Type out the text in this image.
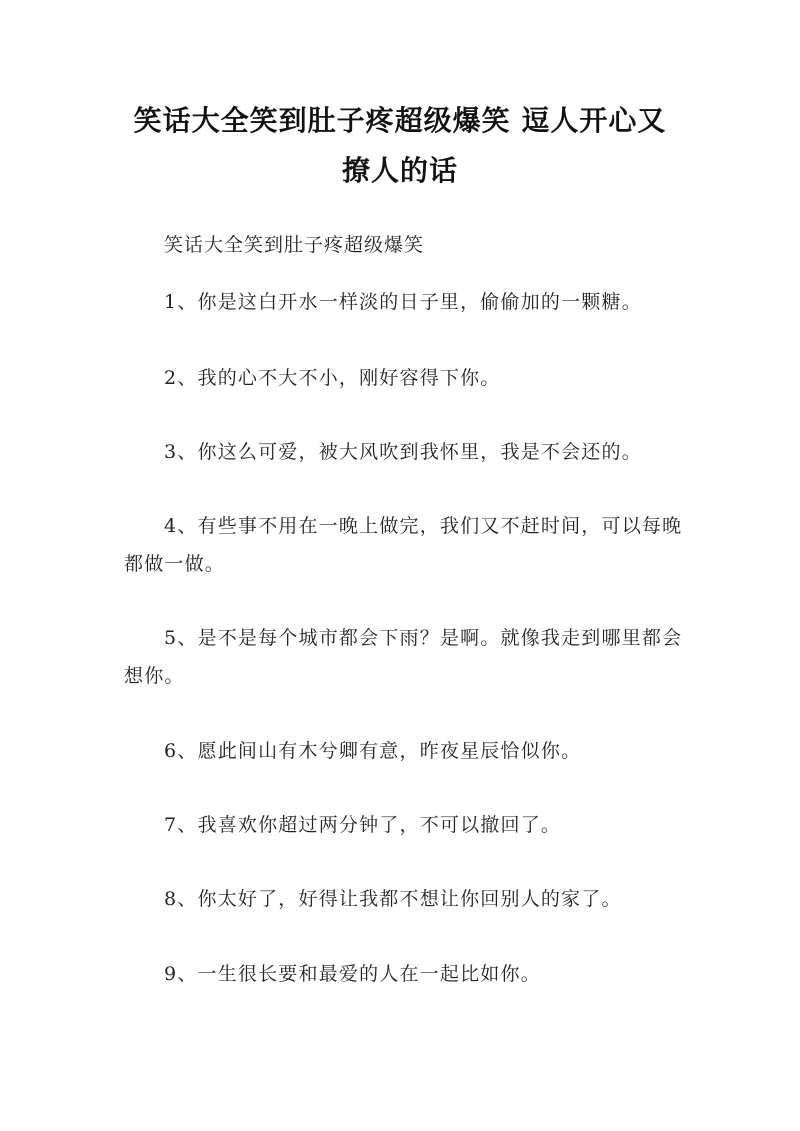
笑话大全笑到肚子疼超级爆笑 逗人开心又撩人的话
笑话大全笑到肚子疼超级爆笑

1、你是这白开水一样淡的日子里，偷偷加的一颗糖。

2、我的心不大不小，刚好容得下你。

3、你这么可爱，被大风吹到我怀里，我是不会还的。

4、有些事不用在一晚上做完，我们又不赶时间，可以每晚都做一做。

5、是不是每个城市都会下雨？是啊。就像我走到哪里都会想你。

6、愿此间山有木兮卿有意，昨夜星辰恰似你。

7、我喜欢你超过两分钟了，不可以撤回了。

8、你太好了，好得让我都不想让你回别人的家了。

9、一生很长要和最爱的人在一起比如你。
